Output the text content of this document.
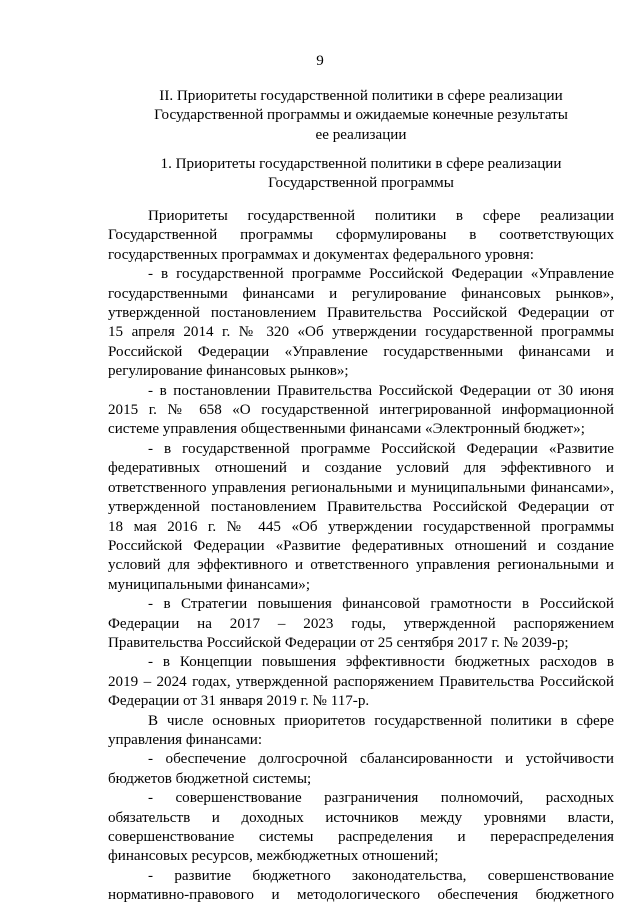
9
II. Приоритеты государственной политики в сфере реализации
Государственной программы и ожидаемые конечные результаты
ее реализации
1. Приоритеты государственной политики в сфере реализации
Государственной программы

Приоритеты государственной политики в сфере реализации

Государственной программы сформулированы в соответствующих

государственных программах и документах федерального уровня:

- в государственной программе Российской Федерации «Управление

государственными финансами и регулирование финансовых рынков»,

утвержденной постановлением Правительства Российской Федерации от

15 апреля 2014 г. № 320 «Об утверждении государственной программы

Российской Федерации «Управление государственными финансами и

регулирование финансовых рынков»;

- в постановлении Правительства Российской Федерации от 30 июня

2015 г. № 658 «О государственной интегрированной информационной

системе управления общественными финансами «Электронный бюджет»;

- в государственной программе Российской Федерации «Развитие

федеративных отношений и создание условий для эффективного и

ответственного управления региональными и муниципальными финансами»,

утвержденной постановлением Правительства Российской Федерации от

18 мая 2016 г. № 445 «Об утверждении государственной программы

Российской Федерации «Развитие федеративных отношений и создание

условий для эффективного и ответственного управления региональными и

муниципальными финансами»;

- в Стратегии повышения финансовой грамотности в Российской

Федерации на 2017 – 2023 годы, утвержденной распоряжением

Правительства Российской Федерации от 25 сентября 2017 г. № 2039-р;

- в Концепции повышения эффективности бюджетных расходов в

2019 – 2024 годах, утвержденной распоряжением Правительства Российской

Федерации от 31 января 2019 г. № 117-р.

В числе основных приоритетов государственной политики в сфере

управления финансами:

- обеспечение долгосрочной сбалансированности и устойчивости

бюджетов бюджетной системы;

- совершенствование разграничения полномочий, расходных

обязательств и доходных источников между уровнями власти,

совершенствование системы распределения и перераспределения

финансовых ресурсов, межбюджетных отношений;

- развитие бюджетного законодательства, совершенствование

нормативно-правового и методологического обеспечения бюджетного
